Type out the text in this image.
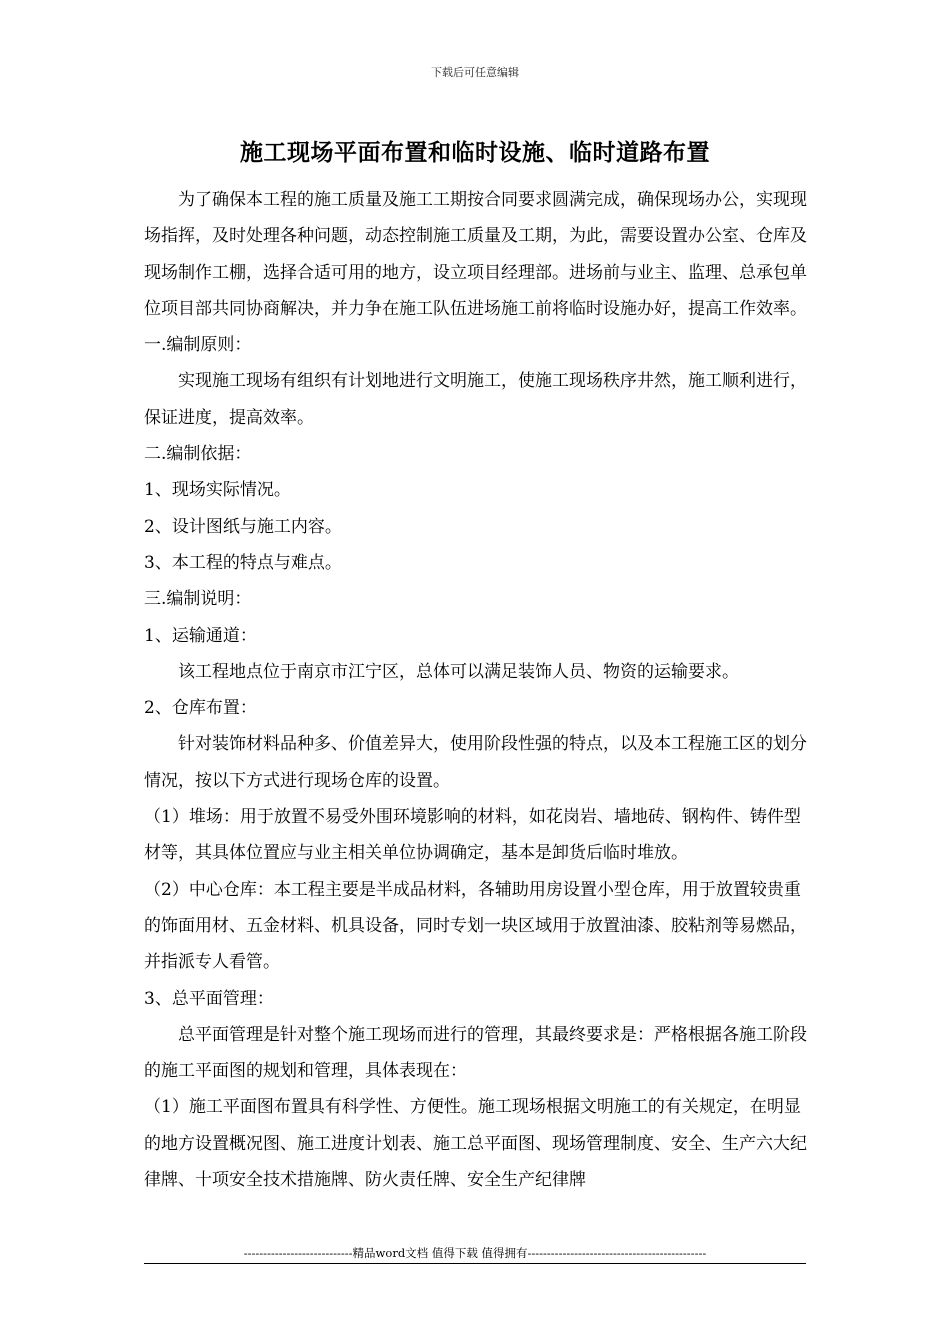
下载后可任意编辑
施工现场平面布置和临时设施、临时道路布置

为了确保本工程的施工质量及施工工期按合同要求圆满完成，确保现场办公，实现现场指挥，及时处理各种问题，动态控制施工质量及工期，为此，需要设置办公室、仓库及现场制作工棚，选择合适可用的地方，设立项目经理部。进场前与业主、监理、总承包单位项目部共同协商解决，并力争在施工队伍进场施工前将临时设施办好，提高工作效率。

一.编制原则：

实现施工现场有组织有计划地进行文明施工，使施工现场秩序井然，施工顺利进行，保证进度，提高效率。

二.编制依据：

1、现场实际情况。

2、设计图纸与施工内容。

3、本工程的特点与难点。

三.编制说明：

1、运输通道：

该工程地点位于南京市江宁区，总体可以满足装饰人员、物资的运输要求。

2、仓库布置：

针对装饰材料品种多、价值差异大，使用阶段性强的特点，以及本工程施工区的划分情况，按以下方式进行现场仓库的设置。

（1）堆场：用于放置不易受外围环境影响的材料，如花岗岩、墙地砖、钢构件、铸件型材等，其具体位置应与业主相关单位协调确定，基本是卸货后临时堆放。

（2）中心仓库：本工程主要是半成品材料，各辅助用房设置小型仓库，用于放置较贵重的饰面用材、五金材料、机具设备，同时专划一块区域用于放置油漆、胶粘剂等易燃品，并指派专人看管。

3、总平面管理：

总平面管理是针对整个施工现场而进行的管理，其最终要求是：严格根据各施工阶段的施工平面图的规划和管理，具体表现在：

（1）施工平面图布置具有科学性、方便性。施工现场根据文明施工的有关规定，在明显的地方设置概况图、施工进度计划表、施工总平面图、现场管理制度、安全、生产六大纪律牌、十项安全技术措施牌、防火责任牌、安全生产纪律牌

----------------------------精品word文档 值得下载 值得拥有----------------------------------------------
